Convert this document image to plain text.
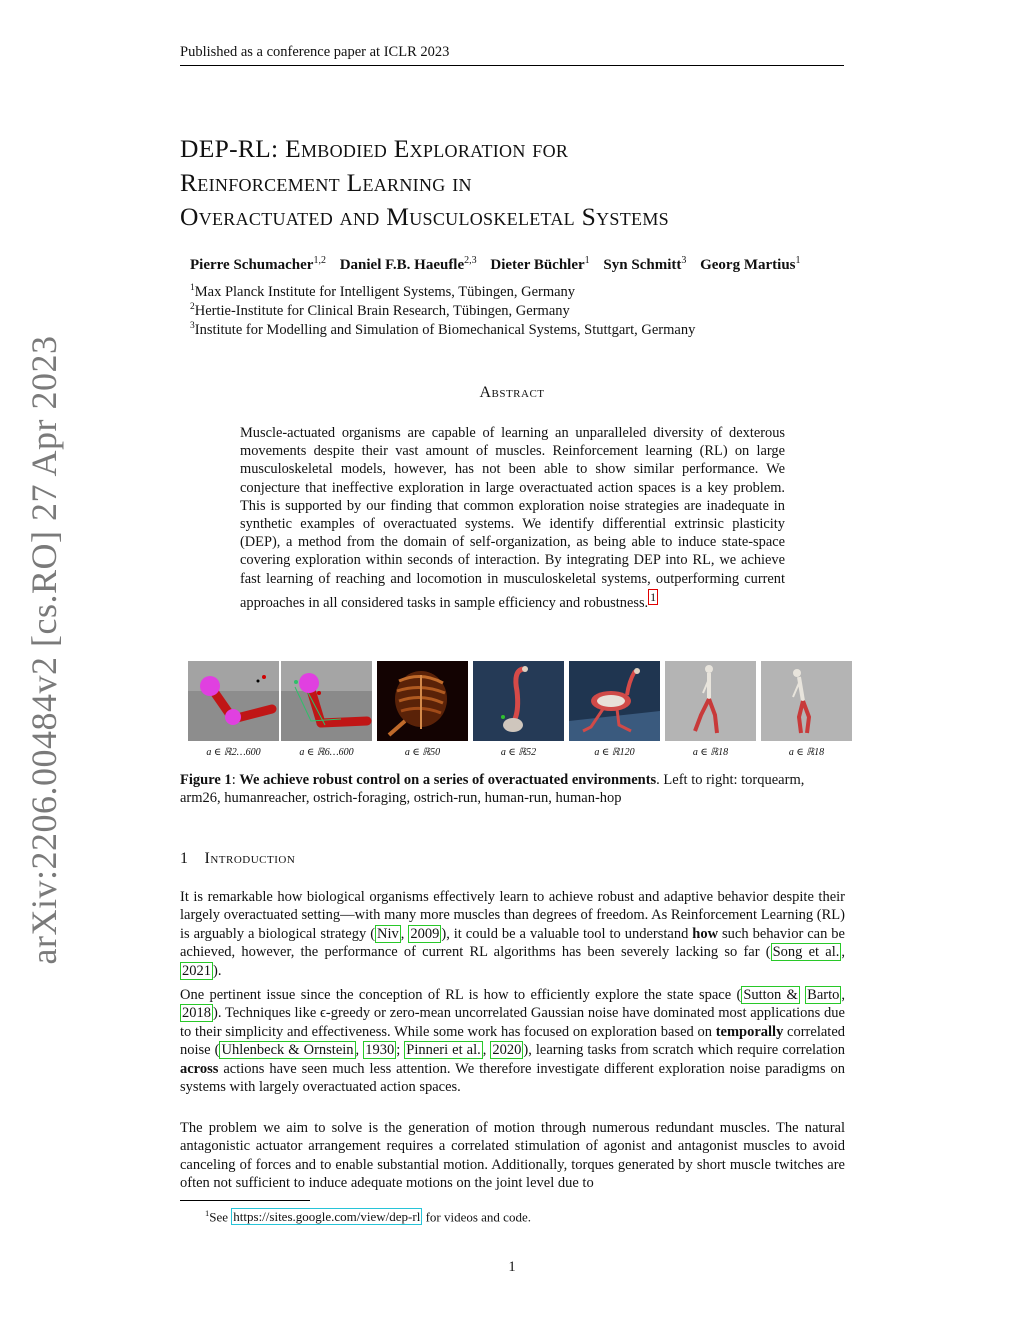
Published as a conference paper at ICLR 2023
DEP-RL: Embodied Exploration for
Reinforcement Learning in
Overactuated and Musculoskeletal Systems
Pierre Schumacher$^{1,2}$ Daniel F.B. Haeufle$^{2,3}$ Dieter Büchler$^1$ Syn Schmitt$^3$ Georg Martius$^1$
$^1$Max Planck Institute for Intelligent Systems, Tübingen, Germany
$^2$Hertie-Institute for Clinical Brain Research, Tübingen, Germany
$^3$Institute for Modelling and Simulation of Biomechanical Systems, Stuttgart, Germany
arXiv:2206.00484v2 [cs.RO] 27 Apr 2023	Abstract
Muscle-actuated organisms are capable of learning an unparalleled diversity of dexterous movements despite their vast amount of muscles. Reinforcement learning (RL) on large musculoskeletal models, however, has not been able to show similar performance. We conjecture that ineffective exploration in large overactuated action spaces is a key problem. This is supported by our finding that common exploration noise strategies are inadequate in synthetic examples of overactuated systems. We identify differential extrinsic plasticity (DEP), a method from the domain of self-organization, as being able to induce state-space covering exploration within seconds of interaction. By integrating DEP into RL, we achieve fast learning of reaching and locomotion in musculoskeletal systems, outperforming current approaches in all considered tasks in sample efficiency and robustness. $^1$
a ∈ ℝ2…600	a ∈ ℝ6…600	a ∈ ℝ50	a ∈ ℝ52	a ∈ ℝ120	a ∈ ℝ18	a ∈ ℝ18
Figure 1: We achieve robust control on a series of overactuated environments. Left to right: torquearm, arm26, humanreacher, ostrich-foraging, ostrich-run, human-run, human-hop
1 Introduction
It is remarkable how biological organisms effectively learn to achieve robust and adaptive behavior despite their largely overactuated setting—with many more muscles than degrees of freedom. As Reinforcement Learning (RL) is arguably a biological strategy ( Niv , 2009 ), it could be a valuable tool to understand how such behavior can be achieved, however, the performance of current RL algorithms has been severely lacking so far ( Song et al. , 2021 ).
One pertinent issue since the conception of RL is how to efficiently explore the state space ( Sutton & Barto , 2018 ). Techniques like ϵ-greedy or zero-mean uncorrelated Gaussian noise have dominated most applications due to their simplicity and effectiveness. While some work has focused on exploration based on temporally correlated noise ( Uhlenbeck & Ornstein , 1930 ; Pinneri et al. , 2020 ), learning tasks from scratch which require correlation across actions have seen much less attention. We therefore investigate different exploration noise paradigms on systems with largely overactuated action spaces.
The problem we aim to solve is the generation of motion through numerous redundant muscles. The natural antagonistic actuator arrangement requires a correlated stimulation of agonist and antagonist muscles to avoid canceling of forces and to enable substantial motion. Additionally, torques generated by short muscle twitches are often not sufficient to induce adequate motions on the joint level due to
$^1$See https://sites.google.com/view/dep-rl for videos and code.
1
